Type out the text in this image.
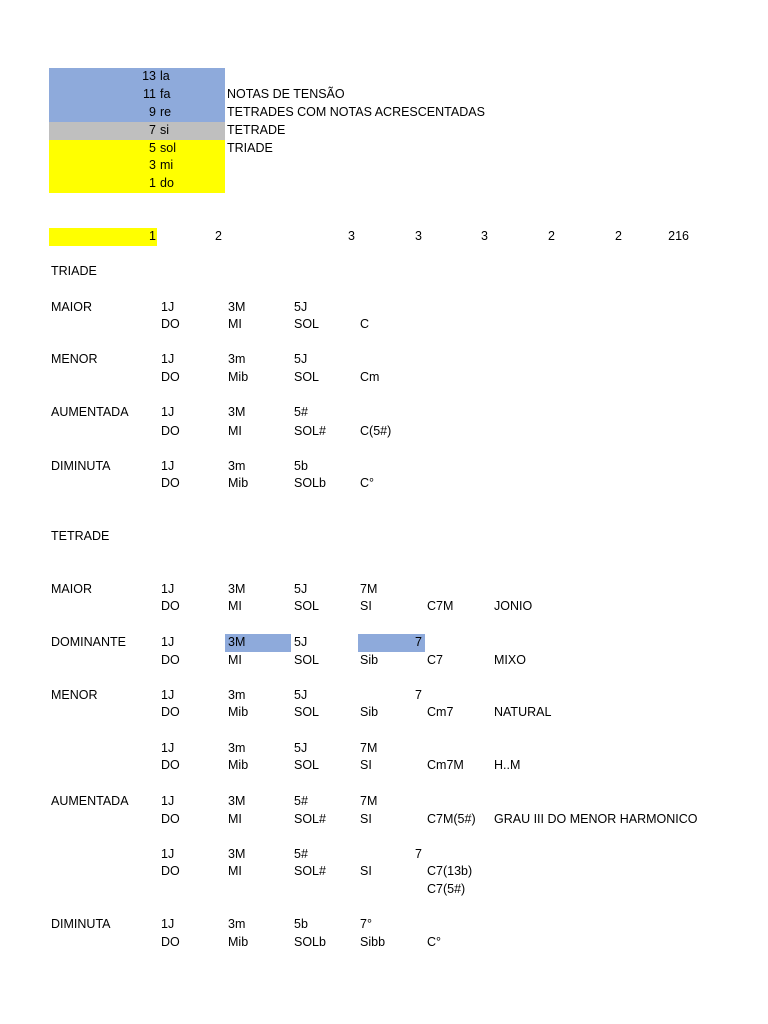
13 la
11 fa	NOTAS DE TENSÃO
9 re	TETRADES COM NOTAS ACRESCENTADAS
7 si	TETRADE
5 sol	TRIADE
3 mi
1 do
1	2	3	3	3	2	2	216
TRIADE
MAIOR	1J	3M	5J
DO	MI	SOL	C
MENOR	1J	3m	5J
DO	Mib	SOL	Cm
AUMENTADA	1J	3M	5#
DO	MI	SOL#	C(5#)
DIMINUTA	1J	3m	5b
DO	Mib	SOLb	C°
TETRADE
MAIOR	1J	3M	5J	7M
DO	MI	SOL	SI	C7M	JONIO
DOMINANTE	1J	3M	5J	7
DO	MI	SOL	Sib	C7	MIXO
MENOR	1J	3m	5J	7
DO	Mib	SOL	Sib	Cm7	NATURAL
1J	3m	5J	7M
DO	Mib	SOL	SI	Cm7M H..M
AUMENTADA	1J	3M	5#	7M
DO	MI	SOL#	SI	C7M(5#) GRAU III DO MENOR HARMONICO
1J	3M	5#	7
DO	MI	SOL#	SI	C7(13b)
C7(5#)
DIMINUTA	1J	3m	5b	7°
DO	Mib	SOLb	Sibb	C°
